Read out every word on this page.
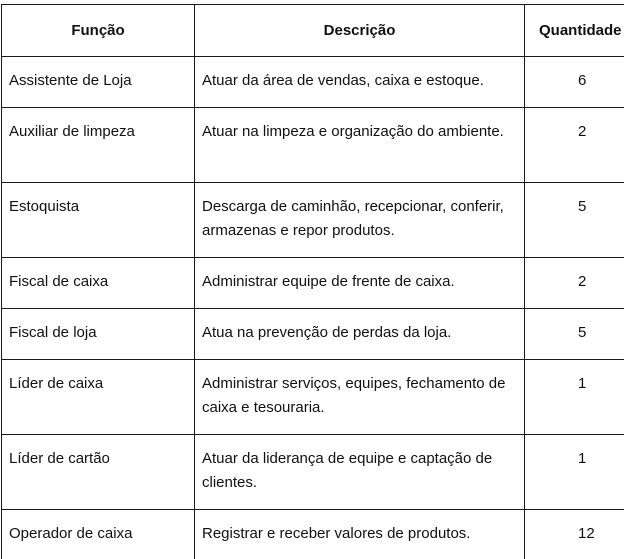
Função	Descrição	Quantidade
Assistente de Loja	Atuar da área de vendas, caixa e estoque.	6
Auxiliar de limpeza	Atuar na limpeza e organização do ambiente.	2
Estoquista	Descarga de caminhão, recepcionar, conferir, armazenas e repor produtos.	5
Fiscal de caixa	Administrar equipe de frente de caixa.	2
Fiscal de loja	Atua na prevenção de perdas da loja.	5
Líder de caixa	Administrar serviços, equipes, fechamento de caixa e tesouraria.	1
Líder de cartão	Atuar da liderança de equipe e captação de clientes.	1
Operador de caixa	Registrar e receber valores de produtos.	12
